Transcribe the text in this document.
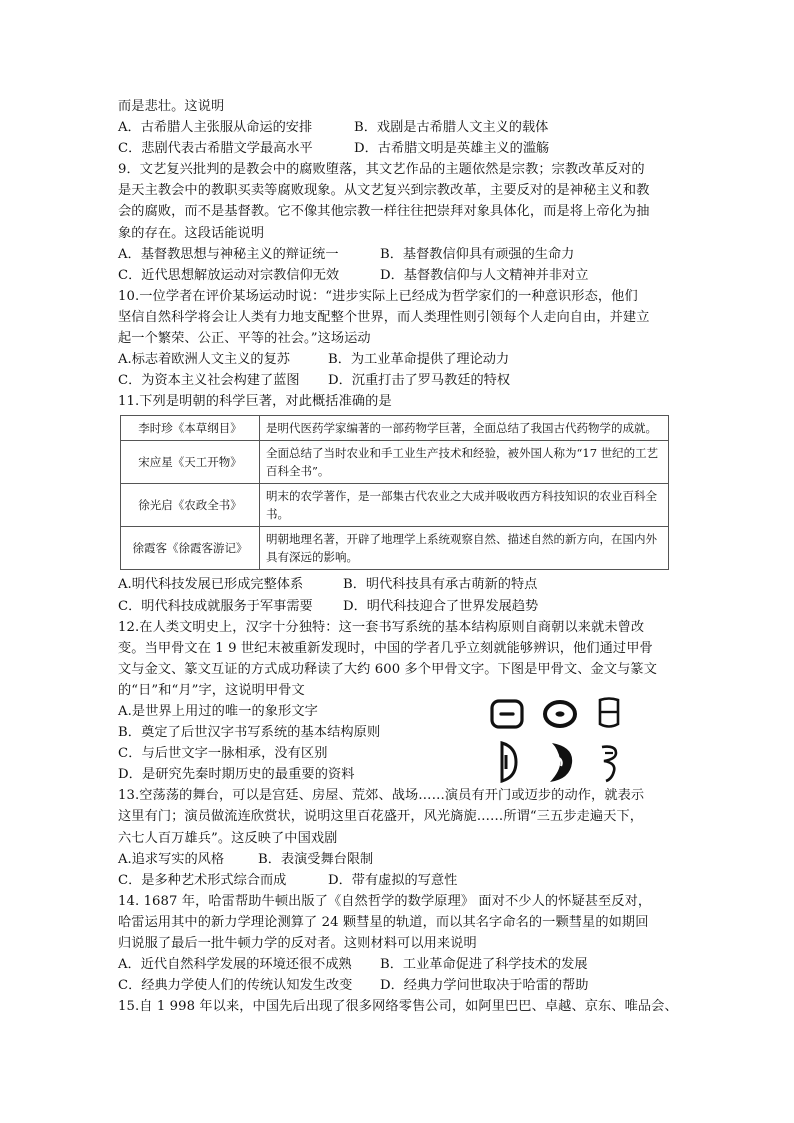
而是悲壮。这说明
A．古希腊人主张服从命运的安排	B．戏剧是古希腊人文主义的载体
C．悲剧代表古希腊文学最高水平	D．古希腊文明是英雄主义的滥觞
9．文艺复兴批判的是教会中的腐败堕落，其文艺作品的主题依然是宗教；宗教改革反对的
是天主教会中的教职买卖等腐败现象。从文艺复兴到宗教改革，主要反对的是神秘主义和教
会的腐败，而不是基督教。它不像其他宗教一样往往把崇拜对象具体化，而是将上帝化为抽
象的存在。这段话能说明
A．基督教思想与神秘主义的辩证统一	B．基督教信仰具有顽强的生命力
C．近代思想解放运动对宗教信仰无效	D．基督教信仰与人文精神并非对立
10.一位学者在评价某场运动时说：“进步实际上已经成为哲学家们的一种意识形态，他们
坚信自然科学将会让人类有力地支配整个世界，而人类理性则引领每个人走向自由，并建立
起一个繁荣、公正、平等的社会。”这场运动
A.标志着欧洲人文主义的复苏	B．为工业革命提供了理论动力
C．为资本主义社会构建了蓝图 D．沉重打击了罗马教廷的特权
11.下列是明朝的科学巨著，对此概括准确的是
李时珍《本草纲目》	是明代医药学家编著的一部药物学巨著，全面总结了我国古代药物学的成就。
宋应星《天工开物》	全面总结了当时农业和手工业生产技术和经验，被外国人称为“17 世纪的工艺百科全书”。
徐光启《农政全书》	明末的农学著作，是一部集古代农业之大成并吸收西方科技知识的农业百科全书。
徐霞客《徐霞客游记》	明朝地理名著，开辟了地理学上系统观察自然、描述自然的新方向，在国内外具有深远的影响。
A.明代科技发展已形成完整体系	B．明代科技具有承古萌新的特点
C．明代科技成就服务于军事需要 D．明代科技迎合了世界发展趋势
12.在人类文明史上，汉字十分独特：这一套书写系统的基本结构原则自商朝以来就未曾改
变。当甲骨文在 1 9 世纪末被重新发现时，中国的学者几乎立刻就能够辨识，他们通过甲骨
文与金文、篆文互证的方式成功释读了大约 600 多个甲骨文字。下图是甲骨文、金文与篆文
的“日”和“月”字，这说明甲骨文
A.是世界上用过的唯一的象形文字
B．奠定了后世汉字书写系统的基本结构原则
C．与后世文字一脉相承，没有区别
D．是研究先秦时期历史的最重要的资料
13.空荡荡的舞台，可以是宫廷、房屋、荒郊、战场……演员有开门或迈步的动作，就表示
这里有门；演员做流连欣赏状，说明这里百花盛开，风光旖旎……所谓“三五步走遍天下，
六七人百万雄兵”。这反映了中国戏剧
A.追求写实的风格	B．表演受舞台限制
C．是多种艺术形式综合而成	D．带有虚拟的写意性
14. 1687 年，哈雷帮助牛顿出版了《自然哲学的数学原理》 面对不少人的怀疑甚至反对，
哈雷运用其中的新力学理论测算了 24 颗彗星的轨道，而以其名字命名的一颗彗星的如期回
归说服了最后一批牛顿力学的反对者。这则材料可以用来说明
A．近代自然科学发展的环境还很不成熟 B．工业革命促进了科学技术的发展
C．经典力学使人们的传统认知发生改变 D．经典力学问世取决于哈雷的帮助
15.自 1 998 年以来，中国先后出现了很多网络零售公司，如阿里巴巴、卓越、京东、唯品会、
